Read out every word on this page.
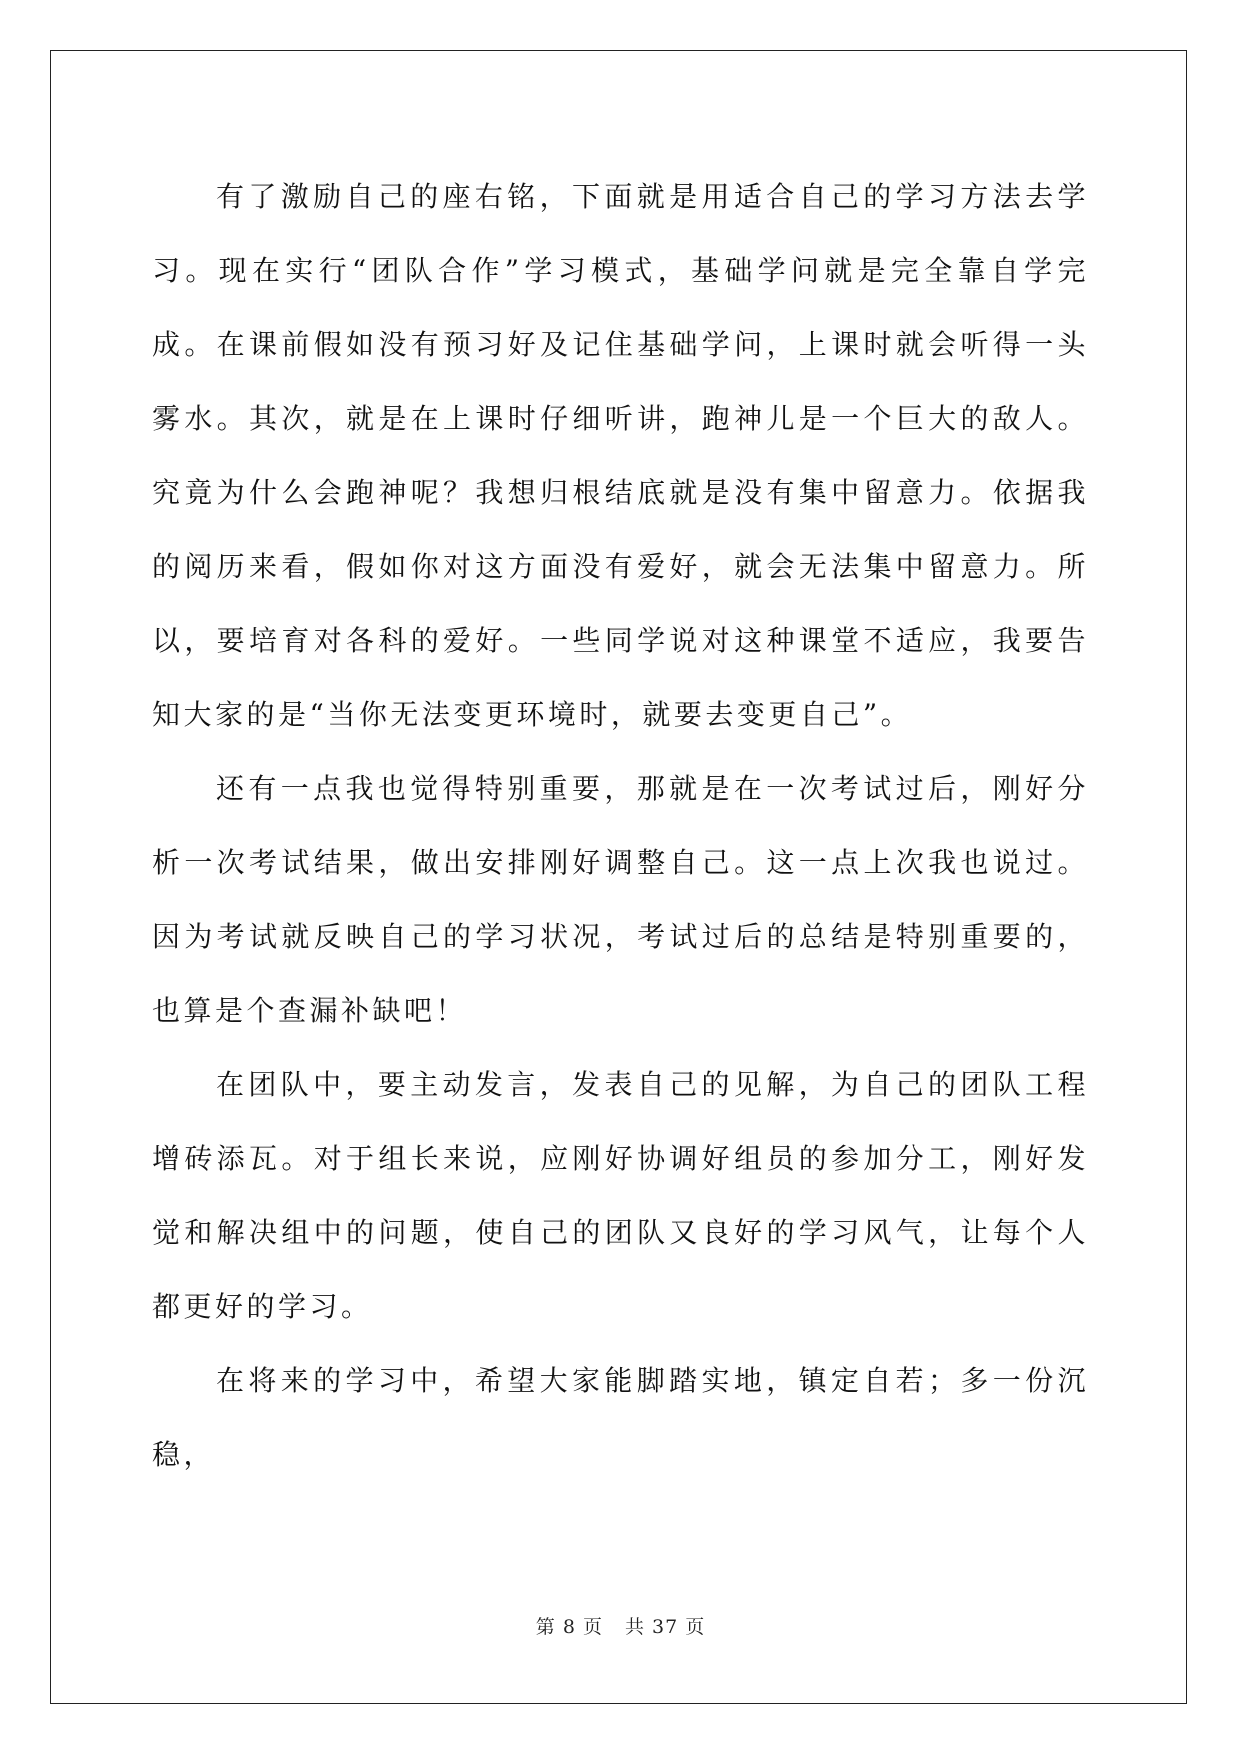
有了激励自己的座右铭，下面就是用适合自己的学习方法去学习。现在实行“团队合作”学习模式，基础学问就是完全靠自学完成。在课前假如没有预习好及记住基础学问，上课时就会听得一头雾水。其次，就是在上课时仔细听讲，跑神儿是一个巨大的敌人。究竟为什么会跑神呢？我想归根结底就是没有集中留意力。依据我的阅历来看，假如你对这方面没有爱好，就会无法集中留意力。所以，要培育对各科的爱好。一些同学说对这种课堂不适应，我要告知大家的是“当你无法变更环境时，就要去变更自己”。

还有一点我也觉得特别重要，那就是在一次考试过后，刚好分析一次考试结果，做出安排刚好调整自己。这一点上次我也说过。因为考试就反映自己的学习状况，考试过后的总结是特别重要的，也算是个查漏补缺吧！

在团队中，要主动发言，发表自己的见解，为自己的团队工程增砖添瓦。对于组长来说，应刚好协调好组员的参加分工，刚好发觉和解决组中的问题，使自己的团队又良好的学习风气，让每个人都更好的学习。

在将来的学习中，希望大家能脚踏实地，镇定自若；多一份沉稳，

第 8 页 共 37 页
